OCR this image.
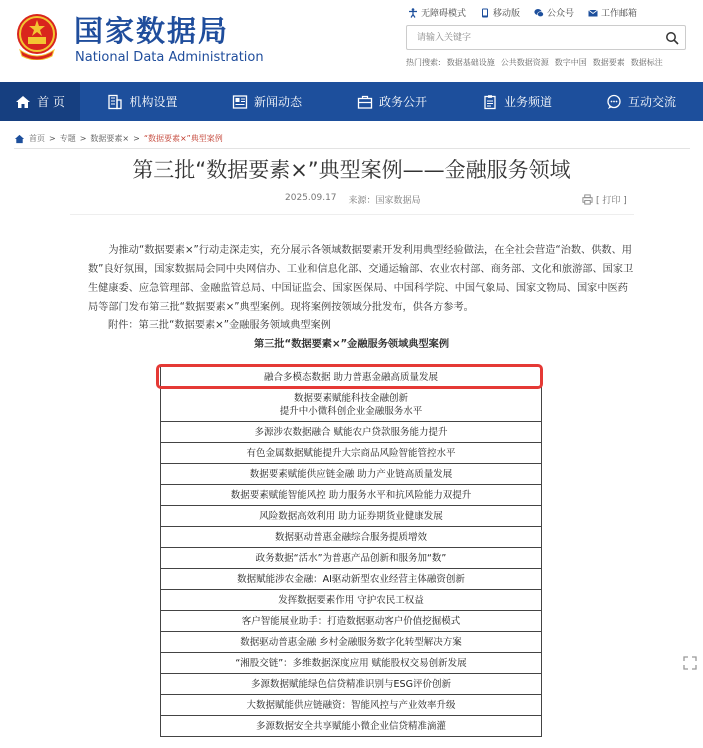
国家数据局
National Data Administration
无障碍模式	移动版	公众号	工作邮箱
请输入关键字
热门搜索: 数据基础设施 公共数据资源 数字中国 数据要素 数据标注
首 页	机构设置	新闻动态	政务公开	业务频道	互动交流
首页 > 专题 > 数据要素× > “数据要素×”典型案例
第三批“数据要素×”典型案例——金融服务领域
2025.09.17 来源：国家数据局	[ 打印 ]
为推动“数据要素×”行动走深走实，充分展示各领域数据要素开发利用典型经验做法，在全社会营造“治数、供数、用数”良好氛围，国家数据局会同中央网信办、工业和信息化部、交通运输部、农业农村部、商务部、文化和旅游部、国家卫生健康委、应急管理部、金融监管总局、中国证监会、国家医保局、中国科学院、中国气象局、国家文物局、国家中医药局等部门发布第三批“数据要素×”典型案例。现将案例按领域分批发布，供各方参考。
附件：第三批“数据要素×”金融服务领域典型案例
第三批“数据要素×”金融服务领域典型案例
融合多模态数据 助力普惠金融高质量发展
数据要素赋能科技金融创新
提升中小微科创企业金融服务水平
多源涉农数据融合 赋能农户贷款服务能力提升
有色金属数据赋能提升大宗商品风险智能管控水平
数据要素赋能供应链金融 助力产业链高质量发展
数据要素赋能智能风控 助力服务水平和抗风险能力双提升
风险数据高效利用 助力证券期货业健康发展
数据驱动普惠金融综合服务提质增效
政务数据“活水”为普惠产品创新和服务加“数”
数据赋能涉农金融：AI驱动新型农业经营主体融资创新
发挥数据要素作用 守护农民工权益
客户智能展业助手：打造数据驱动客户价值挖掘模式
数据驱动普惠金融 乡村金融服务数字化转型解决方案
“湘股交链”：多维数据深度应用 赋能股权交易创新发展
多源数据赋能绿色信贷精准识别与ESG评价创新
大数据赋能供应链融资：智能风控与产业效率升级
多源数据安全共享赋能小微企业信贷精准滴灌
